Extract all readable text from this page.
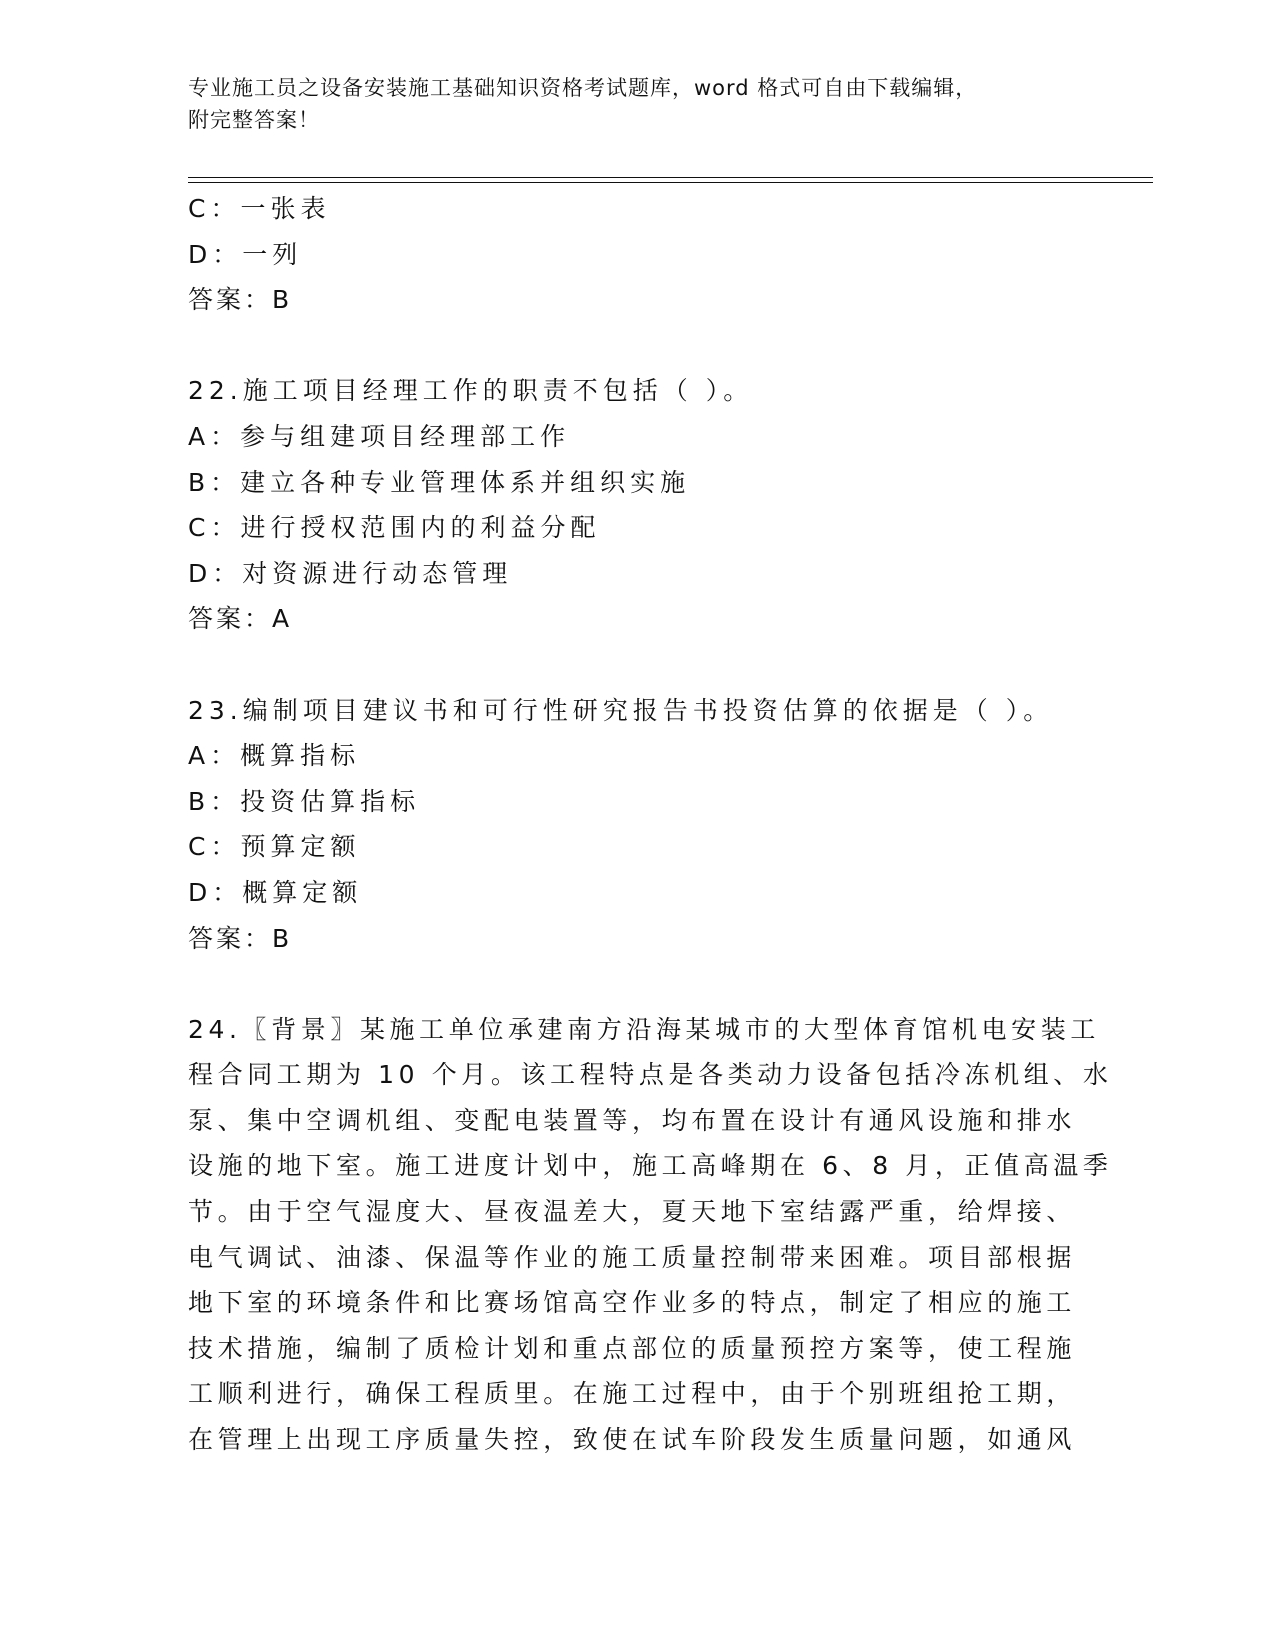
专业施工员之设备安装施工基础知识资格考试题库，word 格式可自由下载编辑，
附完整答案！
C：一张表
D：一列
答案：B
22.施工项目经理工作的职责不包括（ ）。
A：参与组建项目经理部工作
B：建立各种专业管理体系并组织实施
C：进行授权范围内的利益分配
D：对资源进行动态管理
答案：A
23.编制项目建议书和可行性研究报告书投资估算的依据是（ ）。
A：概算指标
B：投资估算指标
C：预算定额
D：概算定额
答案：B
24.〖背景〗某施工单位承建南方沿海某城市的大型体育馆机电安装工
程合同工期为 10 个月。该工程特点是各类动力设备包括冷冻机组、水
泵、集中空调机组、变配电装置等，均布置在设计有通风设施和排水
设施的地下室。施工进度计划中，施工高峰期在 6、8 月，正值高温季
节。由于空气湿度大、昼夜温差大，夏天地下室结露严重，给焊接、
电气调试、油漆、保温等作业的施工质量控制带来困难。项目部根据
地下室的环境条件和比赛场馆高空作业多的特点，制定了相应的施工
技术措施，编制了质检计划和重点部位的质量预控方案等，使工程施
工顺利进行，确保工程质里。在施工过程中，由于个别班组抢工期，
在管理上出现工序质量失控，致使在试车阶段发生质量问题，如通风
